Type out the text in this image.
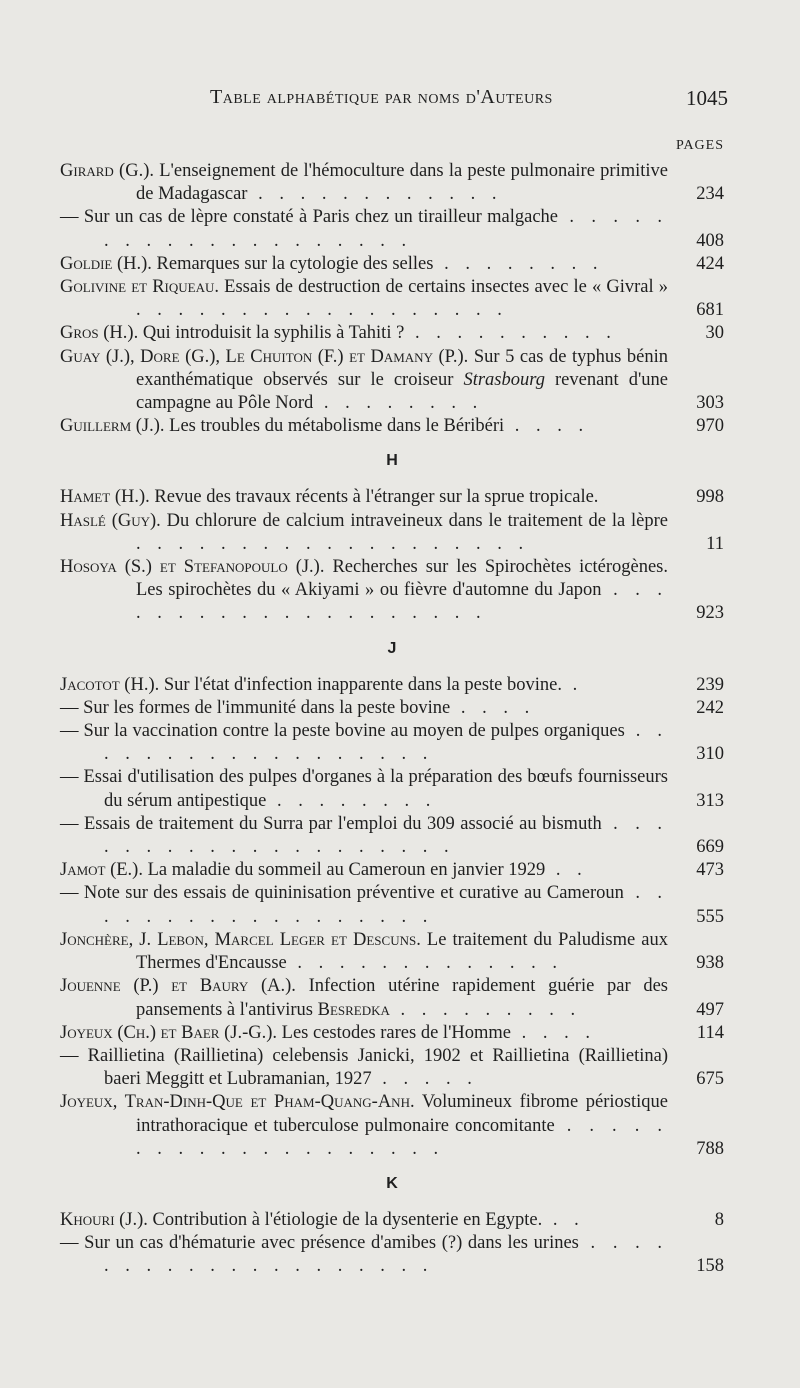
Table alphabétique par noms d'Auteurs	1045
PAGES
Girard (G.). L'enseignement de l'hémoculture dans la peste pulmonaire primitive de Madagascar . . . . . . . . . . . .	234
— Sur un cas de lèpre constaté à Paris chez un tirailleur malgache . . . . . . . . . . . . . . . . . . . .	408
Goldie (H.). Remarques sur la cytologie des selles . . . . . . . .	424
Golivine et Riqueau. Essais de destruction de certains insectes avec le « Givral » . . . . . . . . . . . . . . . . . .	681
Gros (H.). Qui introduisit la syphilis à Tahiti ? . . . . . . . . . .	30
Guay (J.), Dore (G.), Le Chuiton (F.) et Damany (P.). Sur 5 cas de typhus bénin exanthématique observés sur le croiseur Strasbourg revenant d'une campagne au Pôle Nord . . . . . . . .	303
Guillerm (J.). Les troubles du métabolisme dans le Béribéri . . . .	970
H
Hamet (H.). Revue des travaux récents à l'étranger sur la sprue tropicale.	998
Haslé (Guy). Du chlorure de calcium intraveineux dans le traitement de la lèpre . . . . . . . . . . . . . . . . . . .	11
Hosoya (S.) et Stefanopoulo (J.). Recherches sur les Spirochètes ictérogènes. Les spirochètes du « Akiyami » ou fièvre d'automne du Japon . . . . . . . . . . . . . . . . . . . .	923
J
Jacotot (H.). Sur l'état d'infection inapparente dans la peste bovine. .	239
— Sur les formes de l'immunité dans la peste bovine . . . .	242
— Sur la vaccination contre la peste bovine au moyen de pulpes organiques . . . . . . . . . . . . . . . . . .	310
— Essai d'utilisation des pulpes d'organes à la préparation des bœufs fournisseurs du sérum antipestique . . . . . . . .	313
— Essais de traitement du Surra par l'emploi du 309 associé au bismuth . . . . . . . . . . . . . . . . . . . .	669
Jamot (E.). La maladie du sommeil au Cameroun en janvier 1929 . .	473
— Note sur des essais de quininisation préventive et curative au Cameroun . . . . . . . . . . . . . . . . . .	555
Jonchère, J. Lebon, Marcel Leger et Descuns. Le traitement du Paludisme aux Thermes d'Encausse . . . . . . . . . . . . .	938
Jouenne (P.) et Baury (A.). Infection utérine rapidement guérie par des pansements à l'antivirus Besredka . . . . . . . . .	497
Joyeux (Ch.) et Baer (J.-G.). Les cestodes rares de l'Homme . . . .	114
— Raillietina (Raillietina) celebensis Janicki, 1902 et Raillietina (Raillietina) baeri Meggitt et Lubramanian, 1927 . . . . .	675
Joyeux, Tran-Dinh-Que et Pham-Quang-Anh. Volumineux fibrome périostique intrathoracique et tuberculose pulmonaire concomitante . . . . . . . . . . . . . . . . . . . .	788
K
Khouri (J.). Contribution à l'étiologie de la dysenterie en Egypte. . .	8
— Sur un cas d'hématurie avec présence d'amibes (?) dans les urines . . . . . . . . . . . . . . . . . . . .	158
